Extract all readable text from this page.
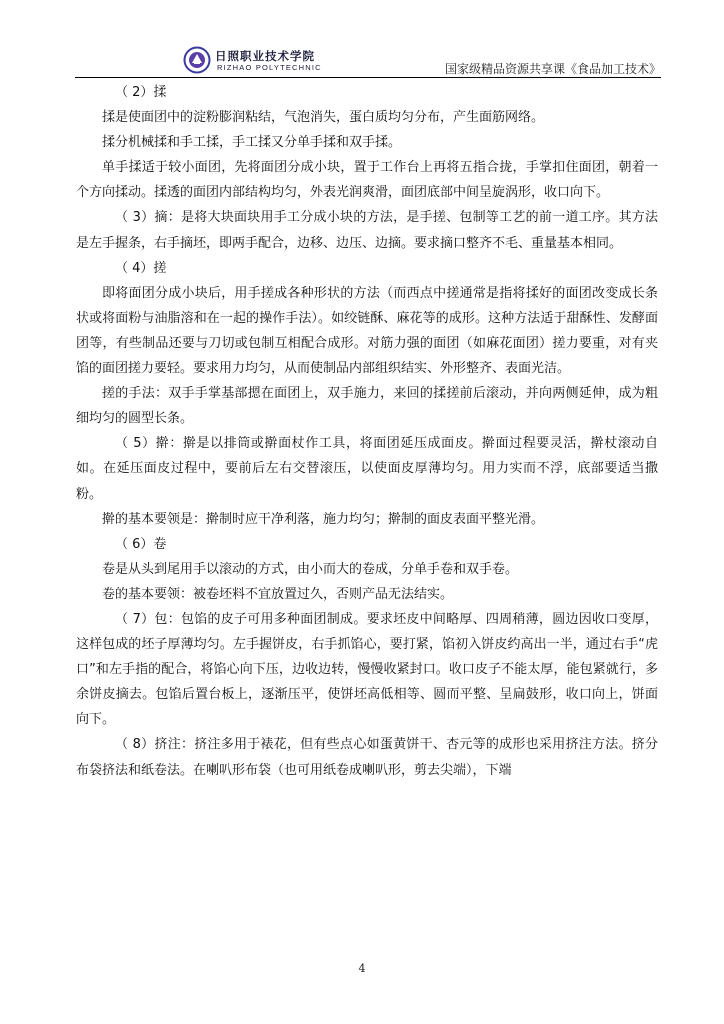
日照职业技术学院
RIZHAO POLYTECHNIC	国家级精品资源共享课《食品加工技术》

（ 2）揉

揉是使面团中的淀粉膨润粘结，气泡消失，蛋白质均匀分布，产生面筋网络。

揉分机械揉和手工揉，手工揉又分单手揉和双手揉。

单手揉适于较小面团，先将面团分成小块，置于工作台上再将五指合拢，手掌扣住面团，朝着一个方向揉动。揉透的面团内部结构均匀，外表光润爽滑，面团底部中间呈旋涡形，收口向下。

（ 3）摘：是将大块面块用手工分成小块的方法，是手搓、包制等工艺的前一道工序。其方法是左手握条，右手摘坯，即两手配合，边移、边压、边摘。要求摘口整齐不毛、重量基本相同。

（ 4）搓

即将面团分成小块后，用手搓成各种形状的方法（而西点中搓通常是指将揉好的面团改变成长条状或将面粉与油脂溶和在一起的操作手法）。如绞链酥、麻花等的成形。这种方法适于甜酥性、发酵面团等，有些制品还要与刀切或包制互相配合成形。对筋力强的面团（如麻花面团）搓力要重，对有夹馅的面团搓力要轻。要求用力均匀，从而使制品内部组织结实、外形整齐、表面光洁。

搓的手法：双手手掌基部摁在面团上，双手施力，来回的揉搓前后滚动，并向两侧延伸，成为粗细均匀的圆型长条。

（ 5）擀：擀是以排筒或擀面杖作工具，将面团延压成面皮。擀面过程要灵活，擀杖滚动自如。在延压面皮过程中，要前后左右交替滚压，以使面皮厚薄均匀。用力实而不浮，底部要适当撒粉。

擀的基本要领是：擀制时应干净利落，施力均匀；擀制的面皮表面平整光滑。

（ 6）卷

卷是从头到尾用手以滚动的方式，由小而大的卷成，分单手卷和双手卷。

卷的基本要领：被卷坯料不宜放置过久，否则产品无法结实。

（ 7）包：包馅的皮子可用多种面团制成。要求坯皮中间略厚、四周稍薄，圆边因收口变厚，这样包成的坯子厚薄均匀。左手握饼皮，右手抓馅心，要打紧，馅初入饼皮约高出一半，通过右手“虎口”和左手指的配合，将馅心向下压，边收边转，慢慢收紧封口。收口皮子不能太厚，能包紧就行，多余饼皮摘去。包馅后置台板上，逐渐压平，使饼坯高低相等、圆而平整、呈扁鼓形，收口向上，饼面向下。

（ 8）挤注：挤注多用于裱花，但有些点心如蛋黄饼干、杏元等的成形也采用挤注方法。挤分布袋挤法和纸卷法。在喇叭形布袋（也可用纸卷成喇叭形，剪去尖端），下端

4
